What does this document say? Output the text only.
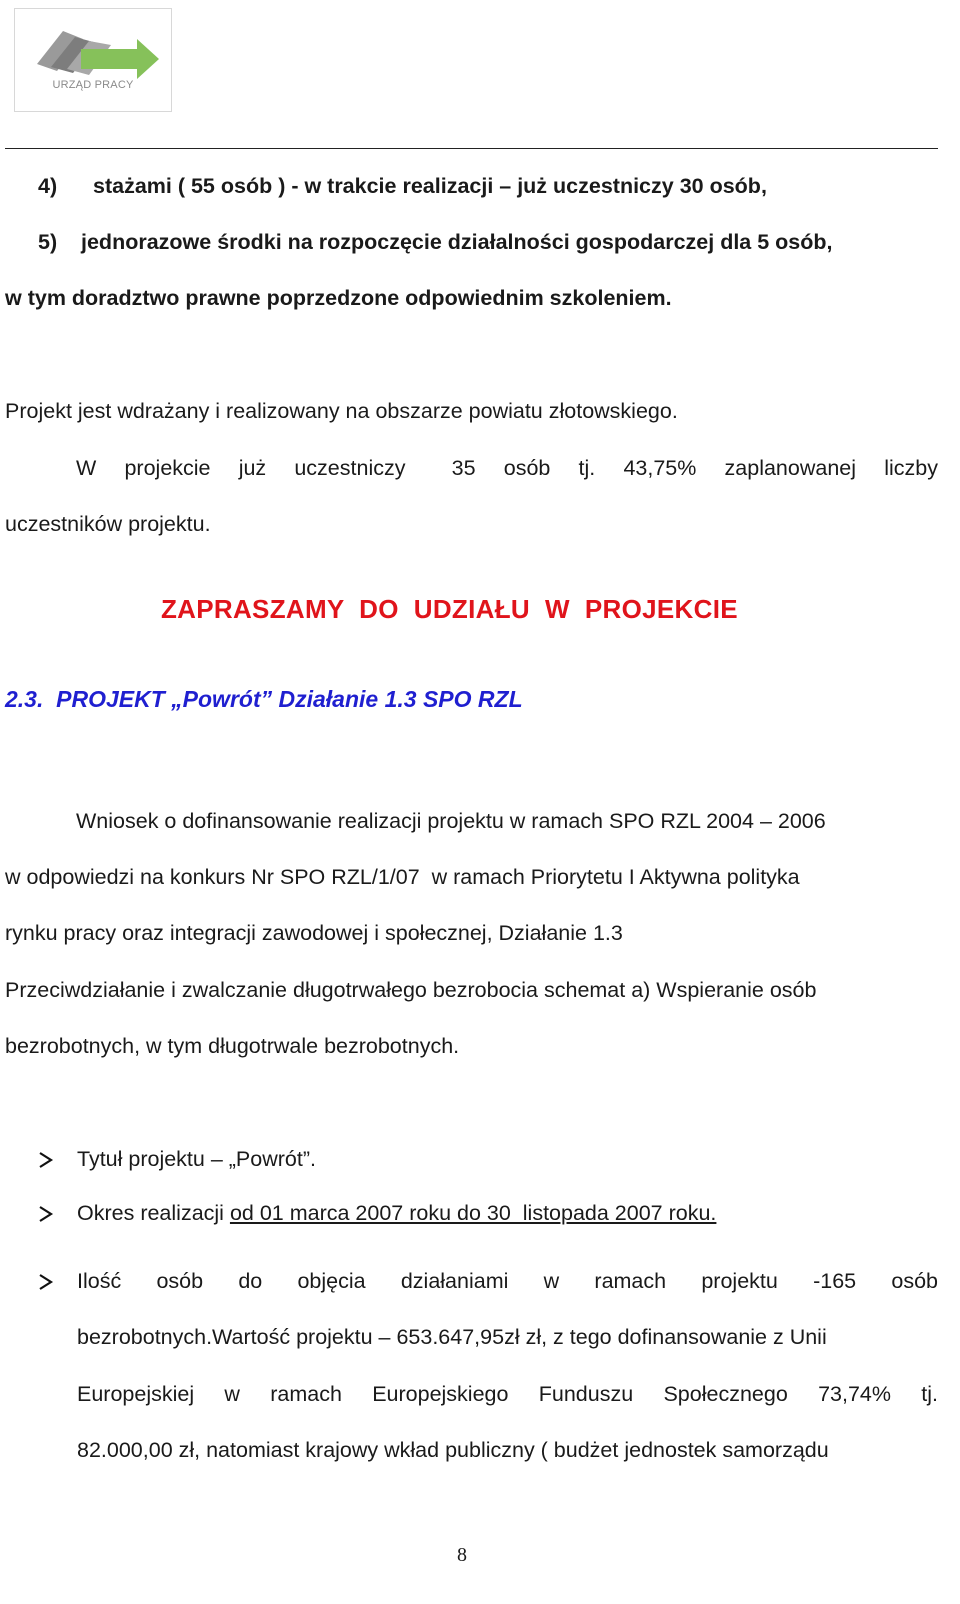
URZĄD PRACY
4) stażami ( 55 osób ) - w trakcie realizacji – już uczestniczy 30 osób,
5) jednorazowe środki na rozpoczęcie działalności gospodarczej dla 5 osób,
w tym doradztwo prawne poprzedzone odpowiednim szkoleniem.
Projekt jest wdrażany i realizowany na obszarze powiatu złotowskiego.
W projekcie już uczestniczy 35 osób tj. 43,75% zaplanowanej liczby
uczestników projektu.
ZAPRASZAMY  DO  UDZIAŁU  W  PROJEKCIE
2.3.  PROJEKT „Powrót” Działanie 1.3 SPO RZL
Wniosek o dofinansowanie realizacji projektu w ramach SPO RZL 2004 – 2006
w odpowiedzi na konkurs Nr SPO RZL/1/07  w ramach Priorytetu I Aktywna polityka
rynku pracy oraz integracji zawodowej i społecznej, Działanie 1.3
Przeciwdziałanie i zwalczanie długotrwałego bezrobocia schemat a) Wspieranie osób
bezrobotnych, w tym długotrwale bezrobotnych.
Tytuł projektu – „Powrót”.
Okres realizacji od 01 marca 2007 roku do 30  listopada 2007 roku.
Ilość osób do objęcia działaniami w ramach projektu -165 osób
bezrobotnych.Wartość projektu – 653.647,95zł zł, z tego dofinansowanie z Unii
Europejskiej w ramach Europejskiego Funduszu Społecznego 73,74% tj.
82.000,00 zł, natomiast krajowy wkład publiczny ( budżet jednostek samorządu
8
